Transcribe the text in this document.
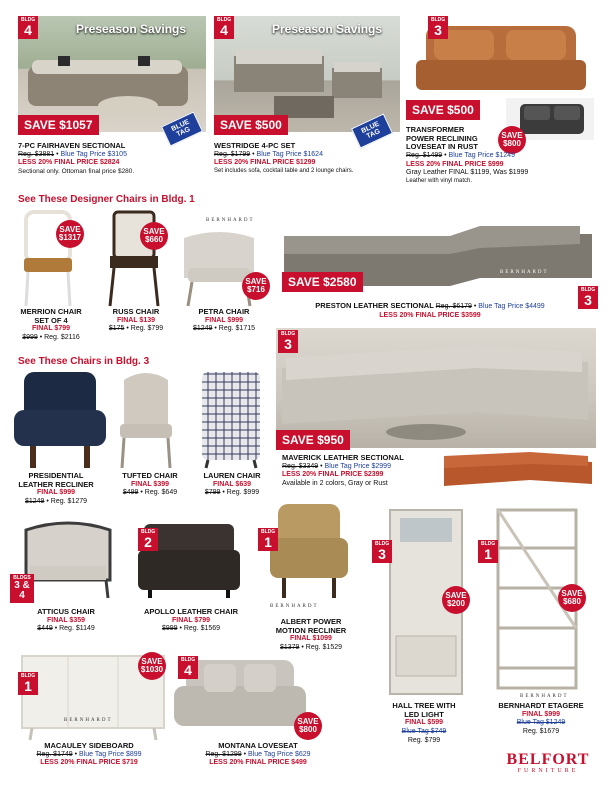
BLDG
4	Preseason Savings
SAVE $1057	BLUE TAG
7-PC FAIRHAVEN SECTIONAL
Reg. $3881 • Blue Tag Price $3105
LESS 20% FINAL PRICE $2824
Sectional only. Ottoman final price $280.
BLDG
4	Preseason Savings
SAVE $500	BLUE TAG
WESTRIDGE 4-PC SET
Reg. $1799 • Blue Tag Price $1624
LESS 20% FINAL PRICE $1299
Set includes sofa, cocktail table and 2 lounge chairs.
BLDG
3
SAVE $500
SAVE $800
TRANSFORMER
POWER RECLINING
LOVESEAT IN RUST
Reg. $1499 • Blue Tag Price $1249
LESS 20% FINAL PRICE $999
Gray Leather FINAL $1199, Was $1999
Leather with vinyl match.
See These Designer Chairs in Bldg. 1
SAVE $1317
SAVE $660
SAVE $716
BERNHARDT
MERRION CHAIR
SET OF 4
FINAL $799
$999 • Reg. $2116
RUSS CHAIR
FINAL $139
$175 • Reg. $799
PETRA CHAIR
FINAL $999
$1249 • Reg. $1715
SAVE $2580
BERNHARDT
BLDG
3
PRESTON LEATHER SECTIONAL Reg. $6179 • Blue Tag Price $4499
LESS 20% FINAL PRICE $3599
See These Chairs in Bldg. 3
PRESIDENTIAL
LEATHER RECLINER
FINAL $999
$1249 • Reg. $1279
TUFTED CHAIR
FINAL $399
$499 • Reg. $649
LAUREN CHAIR
FINAL $639
$799 • Reg. $999
BLDG
3
SAVE $950
MAVERICK LEATHER SECTIONAL
Reg. $3349 • Blue Tag Price $2999
LESS 20% FINAL PRICE $2399
Available in 2 colors, Gray or Rust
BLDGS
3 & 4
BLDG
2
BLDG
1
BERNHARDT
ATTICUS CHAIR
FINAL $359
$449 • Reg. $1149
APOLLO LEATHER CHAIR
FINAL $799
$999 • Reg. $1569
ALBERT POWER
MOTION RECLINER
FINAL $1099
$1379 • Reg. $1529
BLDG
3
SAVE $200
HALL TREE WITH
LED LIGHT
FINAL $599
Blue Tag $749
Reg. $799
BLDG
1
SAVE $680
BERNHARDT
BERNHARDT ETAGERE
FINAL $999
Blue Tag $1249
Reg. $1679
BLDG
1
SAVE $1030
BERNHARDT
MACAULEY SIDEBOARD
Reg. $1749 • Blue Tag Price $899
LESS 20% FINAL PRICE $719
BLDG
4
SAVE $800
MONTANA LOVESEAT
Reg. $1299 • Blue Tag Price $629
LESS 20% FINAL PRICE $499	BELFORT
FURNITURE
